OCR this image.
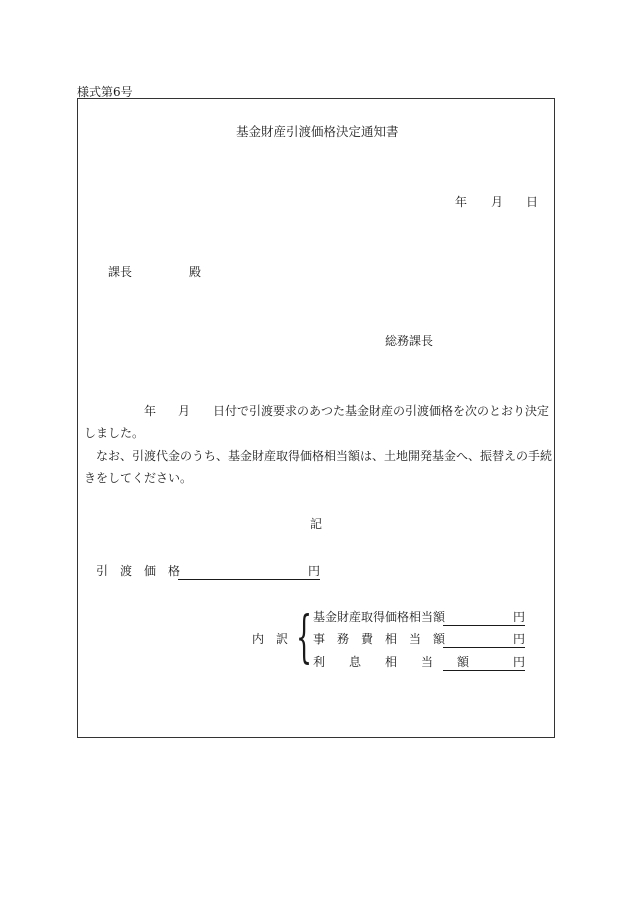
様式第6号
基金財産引渡価格決定通知書
年 月 日
課長	殿
総務課長
年 月 日付で引渡要求のあつた基金財産の引渡価格を次のとおり決定
しました。
なお、引渡代金のうち、基金財産取得価格相当額は、土地開発基金へ、振替えの手続
きをしてください。
記
引　渡　価　格	円
内　訳 { 基金財産取得価格相当額	円
事　務　費　相　当　額	円
利　　息　　相　　当　　額	円
